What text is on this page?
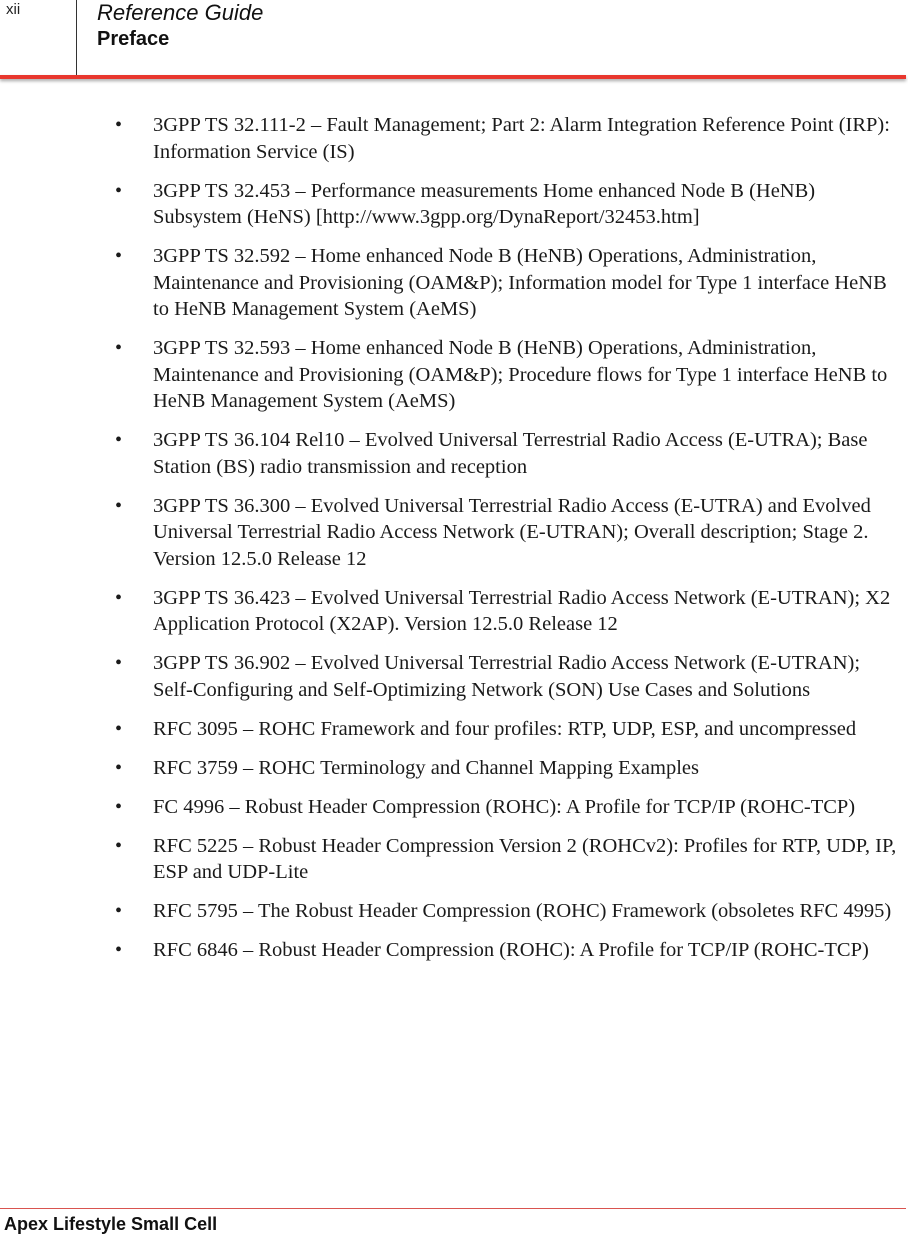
xii	Reference Guide
Preface
• 3GPP TS 32.111-2 – Fault Management; Part 2: Alarm Integration Reference Point (IRP): Information Service (IS)
• 3GPP TS 32.453 – Performance measurements Home enhanced Node B (HeNB) Subsystem (HeNS) [http://www.3gpp.org/DynaReport/32453.htm]
• 3GPP TS 32.592 – Home enhanced Node B (HeNB) Operations, Administration, Maintenance and Provisioning (OAM&P); Information model for Type 1 interface HeNB to HeNB Management System (AeMS)
• 3GPP TS 32.593 – Home enhanced Node B (HeNB) Operations, Administration, Maintenance and Provisioning (OAM&P); Procedure flows for Type 1 interface HeNB to HeNB Management System (AeMS)
• 3GPP TS 36.104 Rel10 – Evolved Universal Terrestrial Radio Access (E-UTRA); Base Station (BS) radio transmission and reception
• 3GPP TS 36.300 – Evolved Universal Terrestrial Radio Access (E-UTRA) and Evolved Universal Terrestrial Radio Access Network (E-UTRAN); Overall description; Stage 2. Version 12.5.0 Release 12
• 3GPP TS 36.423 – Evolved Universal Terrestrial Radio Access Network (E-UTRAN); X2 Application Protocol (X2AP). Version 12.5.0 Release 12
• 3GPP TS 36.902 – Evolved Universal Terrestrial Radio Access Network (E-UTRAN); Self-Configuring and Self-Optimizing Network (SON) Use Cases and Solutions
• RFC 3095 – ROHC Framework and four profiles: RTP, UDP, ESP, and uncompressed
• RFC 3759 – ROHC Terminology and Channel Mapping Examples
• FC 4996 – Robust Header Compression (ROHC): A Profile for TCP/IP (ROHC-TCP)
• RFC 5225 – Robust Header Compression Version 2 (ROHCv2): Profiles for RTP, UDP, IP, ESP and UDP-Lite
• RFC 5795 – The Robust Header Compression (ROHC) Framework (obsoletes RFC 4995)
• RFC 6846 – Robust Header Compression (ROHC): A Profile for TCP/IP (ROHC-TCP)
Apex Lifestyle Small Cell
